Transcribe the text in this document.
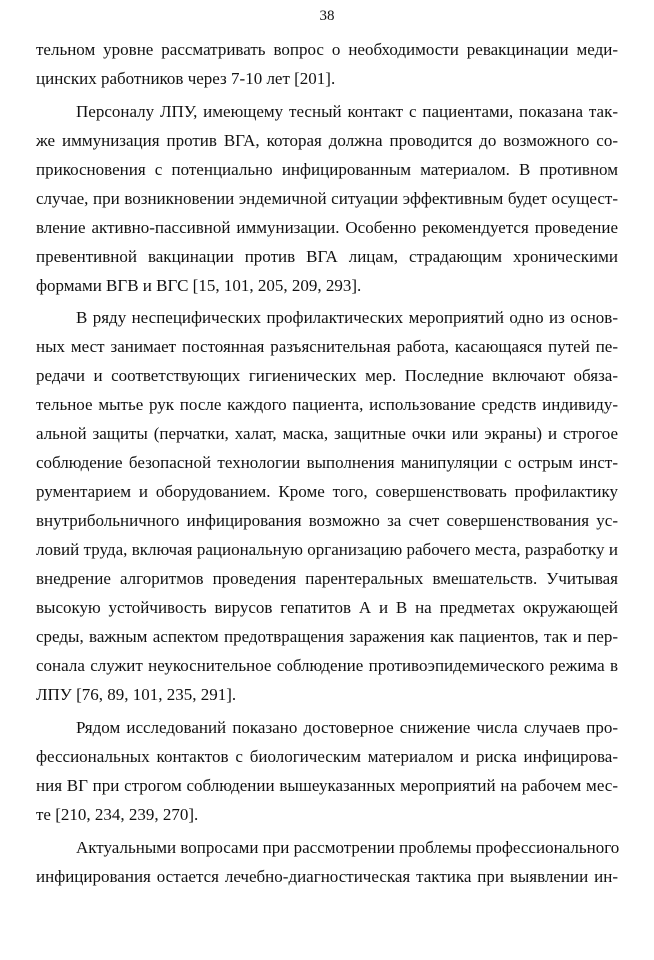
38
тельном уровне рассматривать вопрос о необходимости ревакцинации меди-
цинских работников через 7-10 лет [201].
Персоналу ЛПУ, имеющему тесный контакт с пациентами, показана так-
же иммунизация против ВГА, которая должна проводится до возможного со-
прикосновения с потенциально инфицированным материалом. В противном
случае, при возникновении эндемичной ситуации эффективным будет осущест-
вление активно-пассивной иммунизации. Особенно рекомендуется проведение
превентивной вакцинации против ВГА лицам, страдающим хроническими
формами ВГВ и ВГС [15, 101, 205, 209, 293].
В ряду неспецифических профилактических мероприятий одно из основ-
ных мест занимает постоянная разъяснительная работа, касающаяся путей пе-
редачи и соответствующих гигиенических мер. Последние включают обяза-
тельное мытье рук после каждого пациента, использование средств индивиду-
альной защиты (перчатки, халат, маска, защитные очки или экраны) и строгое
соблюдение безопасной технологии выполнения манипуляции с острым инст-
рументарием и оборудованием. Кроме того, совершенствовать профилактику
внутрибольничного инфицирования возможно за счет совершенствования ус-
ловий труда, включая рациональную организацию рабочего места, разработку и
внедрение алгоритмов проведения парентеральных вмешательств. Учитывая
высокую устойчивость вирусов гепатитов А и В на предметах окружающей
среды, важным аспектом предотвращения заражения как пациентов, так и пер-
сонала служит неукоснительное соблюдение противоэпидемического режима в
ЛПУ [76, 89, 101, 235, 291].
Рядом исследований показано достоверное снижение числа случаев про-
фессиональных контактов с биологическим материалом и риска инфицирова-
ния ВГ при строгом соблюдении вышеуказанных мероприятий на рабочем мес-
те [210, 234, 239, 270].
Актуальными вопросами при рассмотрении проблемы профессионального
инфицирования остается лечебно-диагностическая тактика при выявлении ин-
